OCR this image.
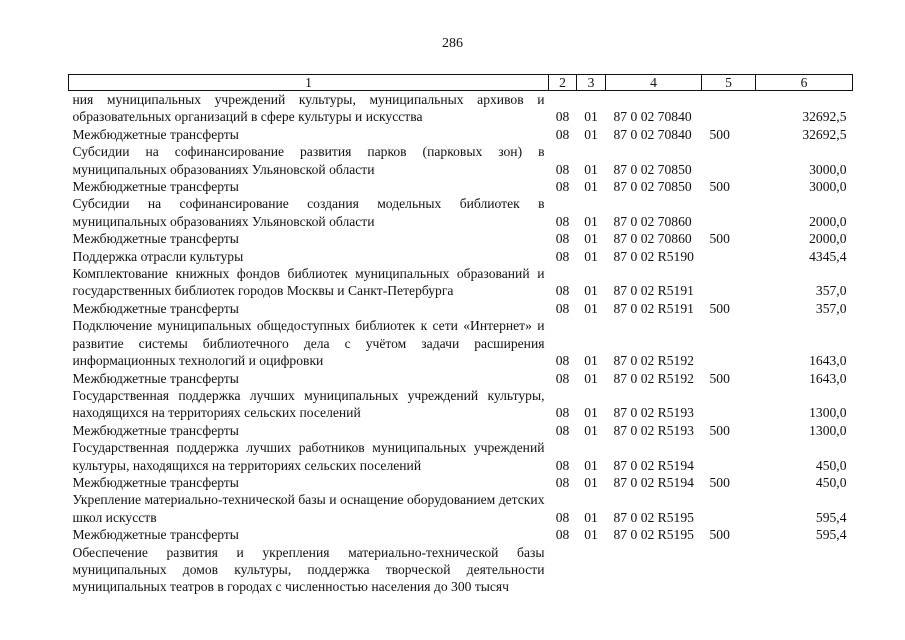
286
1	2	3	4	5	6
ния муниципальных учреждений культуры, муниципальных архивов и образовательных организаций в сфере культуры и искусства	08	01	87 0 02 70840		32692,5
Межбюджетные трансферты	08	01	87 0 02 70840	500	32692,5
Субсидии на софинансирование развития парков (парковых зон) в муниципальных образованиях Ульяновской области	08	01	87 0 02 70850		3000,0
Межбюджетные трансферты	08	01	87 0 02 70850	500	3000,0
Субсидии на софинансирование создания модельных библиотек в муниципальных образованиях Ульяновской области	08	01	87 0 02 70860		2000,0
Межбюджетные трансферты	08	01	87 0 02 70860	500	2000,0
Поддержка отрасли культуры	08	01	87 0 02 R5190		4345,4
Комплектование книжных фондов библиотек муниципальных образований и государственных библиотек городов Москвы и Санкт-Петербурга	08	01	87 0 02 R5191		357,0
Межбюджетные трансферты	08	01	87 0 02 R5191	500	357,0
Подключение муниципальных общедоступных библиотек к сети «Интернет» и развитие системы библиотечного дела с учётом задачи расширения информационных технологий и оцифровки	08	01	87 0 02 R5192		1643,0
Межбюджетные трансферты	08	01	87 0 02 R5192	500	1643,0
Государственная поддержка лучших муниципальных учреждений культуры, находящихся на территориях сельских поселений	08	01	87 0 02 R5193		1300,0
Межбюджетные трансферты	08	01	87 0 02 R5193	500	1300,0
Государственная поддержка лучших работников муниципальных учреждений культуры, находящихся на территориях сельских поселений	08	01	87 0 02 R5194		450,0
Межбюджетные трансферты	08	01	87 0 02 R5194	500	450,0
Укрепление материально-технической базы и оснащение оборудованием детских школ искусств	08	01	87 0 02 R5195		595,4
Межбюджетные трансферты	08	01	87 0 02 R5195	500	595,4
Обеспечение развития и укрепления материально-технической базы муниципальных домов культуры, поддержка творческой деятельности муниципальных театров в городах с численностью населения до 300 тысяч					
